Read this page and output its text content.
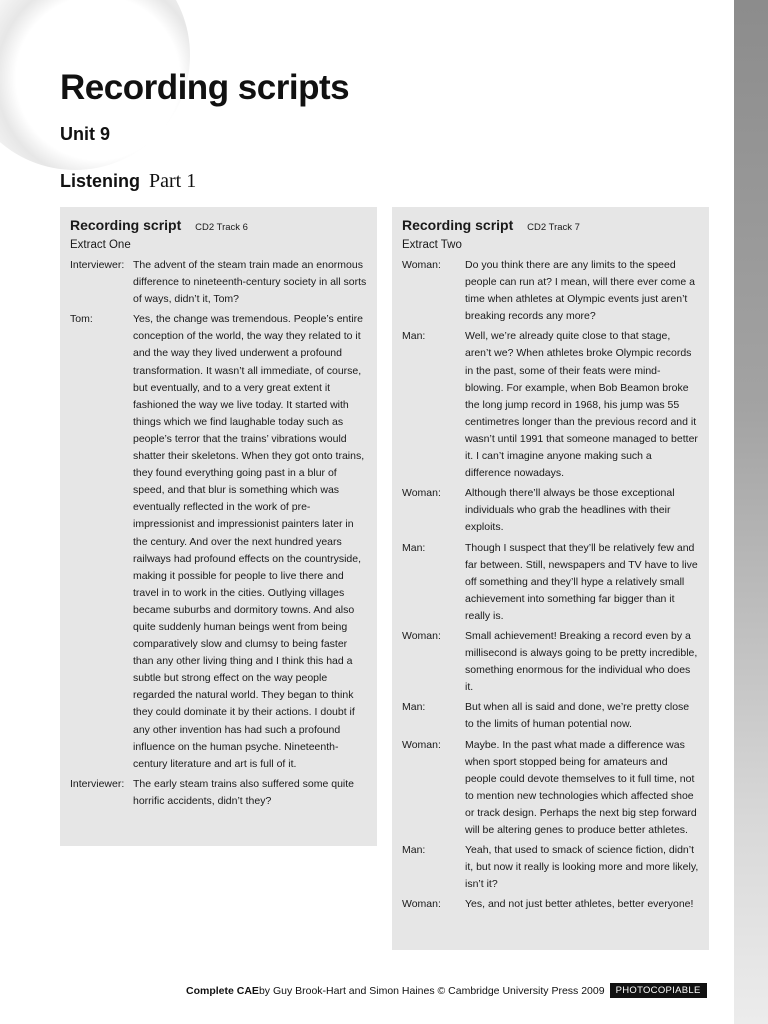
Recording scripts
Unit 9
Listening Part 1

Recording script CD2 Track 6

Extract One

Interviewer: The advent of the steam train made an enormous difference to nineteenth-century society in all sorts of ways, didn’t it, Tom?
Tom:	Yes, the change was tremendous. People’s entire conception of the world, the way they related to it and the way they lived underwent a profound transformation. It wasn’t all immediate, of course, but eventually, and to a very great extent it fashioned the way we live today. It started with things which we find laughable today such as people’s terror that the trains’ vibrations would shatter their skeletons. When they got onto trains, they found everything going past in a blur of speed, and that blur is something which was eventually reflected in the work of pre-impressionist and impressionist painters later in the century. And over the next hundred years railways had profound effects on the countryside, making it possible for people to live there and travel in to work in the cities. Outlying villages became suburbs and dormitory towns. And also quite suddenly human beings went from being comparatively slow and clumsy to being faster than any other living thing and I think this had a subtle but strong effect on the way people regarded the natural world. They began to think they could dominate it by their actions. I doubt if any other invention has had such a profound influence on the human psyche. Nineteenth-century literature and art is full of it.
Interviewer: The early steam trains also suffered some quite horrific accidents, didn’t they?

Recording script CD2 Track 7

Extract Two

Woman:	Do you think there are any limits to the speed people can run at? I mean, will there ever come a time when athletes at Olympic events just aren’t breaking records any more?
Man:	Well, we’re already quite close to that stage, aren’t we? When athletes broke Olympic records in the past, some of their feats were mind-blowing. For example, when Bob Beamon broke the long jump record in 1968, his jump was 55 centimetres longer than the previous record and it wasn’t until 1991 that someone managed to better it. I can’t imagine anyone making such a difference nowadays.
Woman:	Although there’ll always be those exceptional individuals who grab the headlines with their exploits.
Man:	Though I suspect that they’ll be relatively few and far between. Still, newspapers and TV have to live off something and they’ll hype a relatively small achievement into something far bigger than it really is.
Woman:	Small achievement! Breaking a record even by a millisecond is always going to be pretty incredible, something enormous for the individual who does it.
Man:	But when all is said and done, we’re pretty close to the limits of human potential now.
Woman:	Maybe. In the past what made a difference was when sport stopped being for amateurs and people could devote themselves to it full time, not to mention new technologies which affected shoe or track design. Perhaps the next big step forward will be altering genes to produce better athletes.
Man:	Yeah, that used to smack of science fiction, didn’t it, but now it really is looking more and more likely, isn’t it?
Woman:	Yes, and not just better athletes, better everyone!
Complete CAE by Guy Brook-Hart and Simon Haines © Cambridge University Press 2009	PHOTOCOPIABLE
